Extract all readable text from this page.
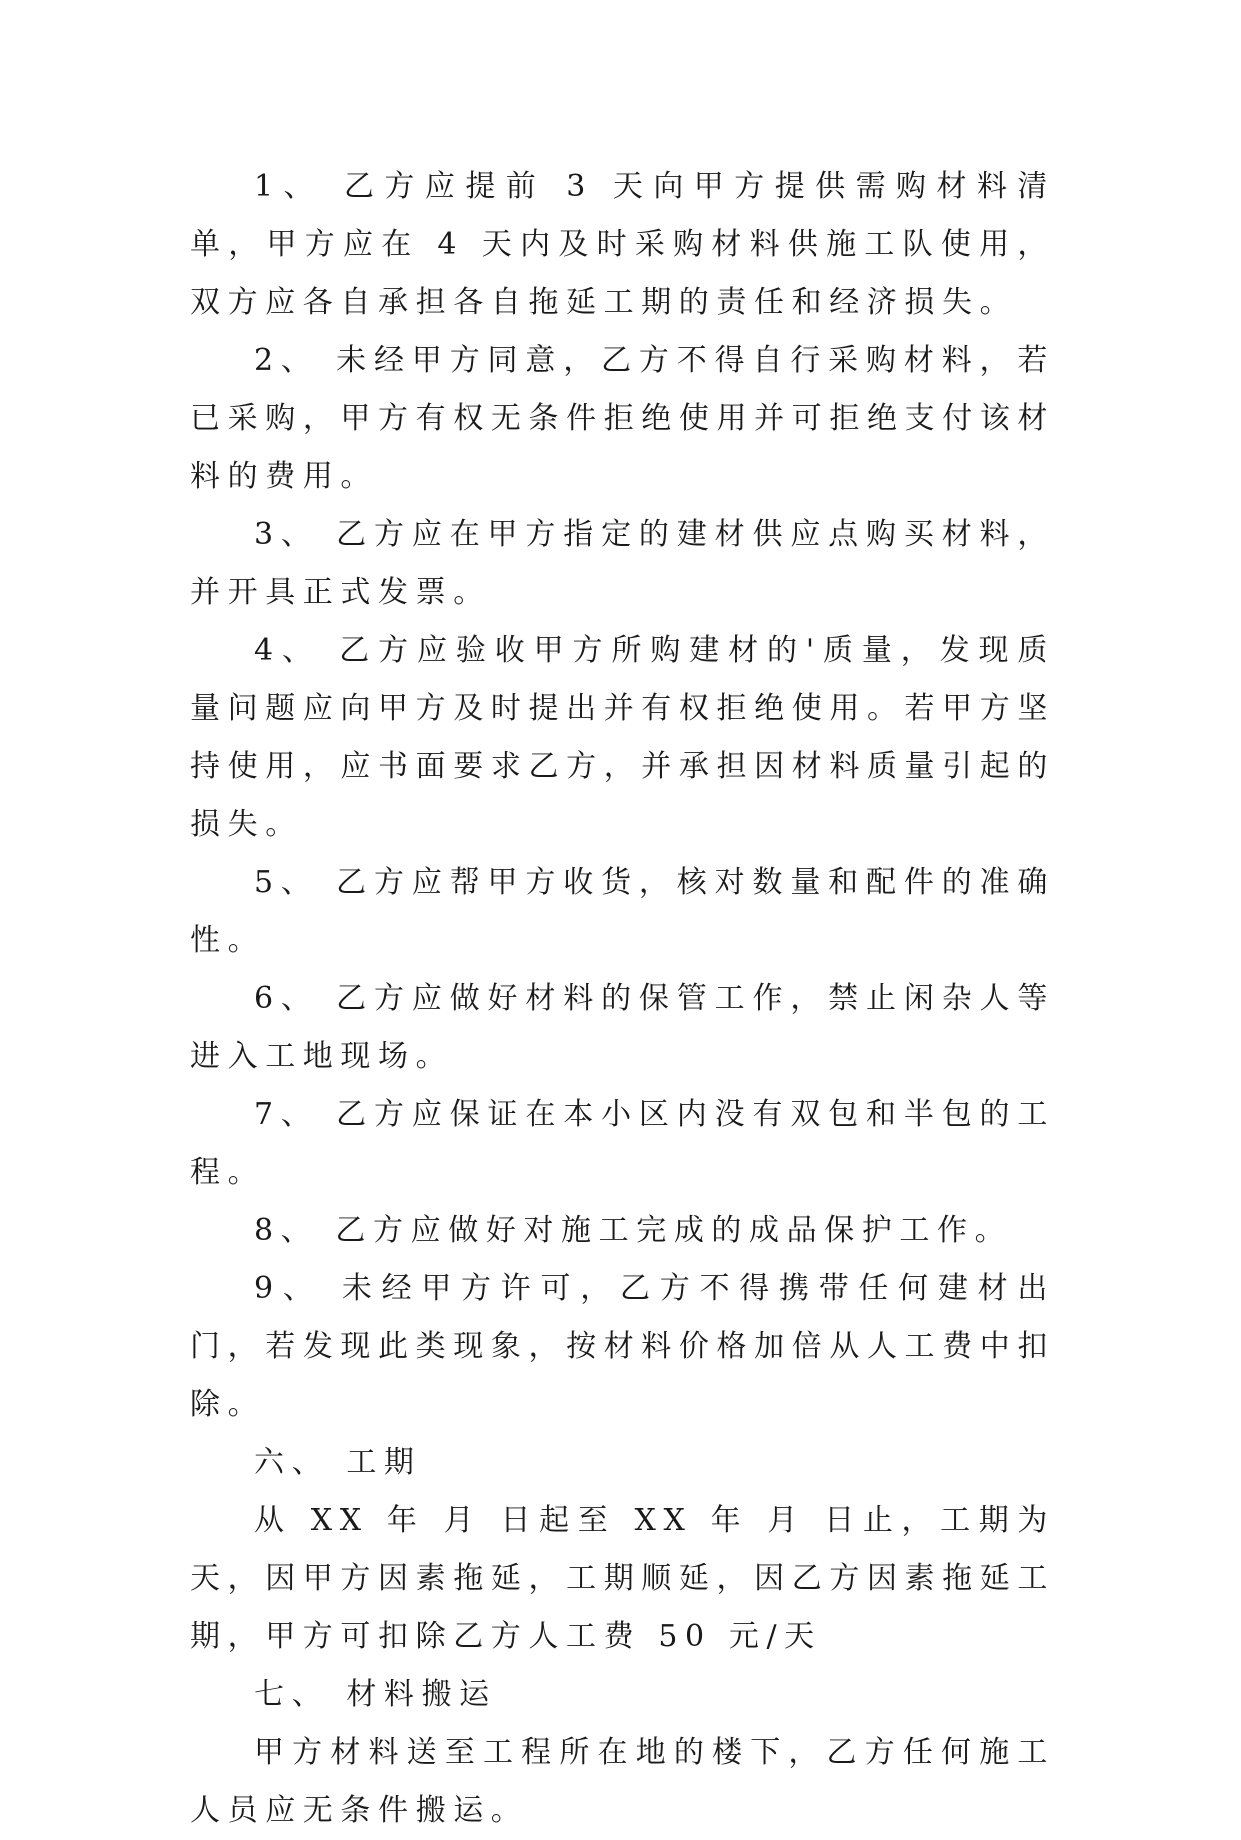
1、 乙方应提前 3 天向甲方提供需购材料清单，甲方应在 4 天内及时采购材料供施工队使用，双方应各自承担各自拖延工期的责任和经济损失。

2、 未经甲方同意，乙方不得自行采购材料，若已采购，甲方有权无条件拒绝使用并可拒绝支付该材料的费用。

3、 乙方应在甲方指定的建材供应点购买材料，并开具正式发票。

4、 乙方应验收甲方所购建材的'质量，发现质量问题应向甲方及时提出并有权拒绝使用。若甲方坚持使用，应书面要求乙方，并承担因材料质量引起的损失。

5、 乙方应帮甲方收货，核对数量和配件的准确性。

6、 乙方应做好材料的保管工作，禁止闲杂人等进入工地现场。

7、 乙方应保证在本小区内没有双包和半包的工程。

8、 乙方应做好对施工完成的成品保护工作。

9、 未经甲方许可，乙方不得携带任何建材出门，若发现此类现象，按材料价格加倍从人工费中扣除。

六、 工期

从 XX 年 月 日起至 XX 年 月 日止，工期为 天，因甲方因素拖延，工期顺延，因乙方因素拖延工期，甲方可扣除乙方人工费 50 元/天

七、 材料搬运

甲方材料送至工程所在地的楼下，乙方任何施工人员应无条件搬运。
